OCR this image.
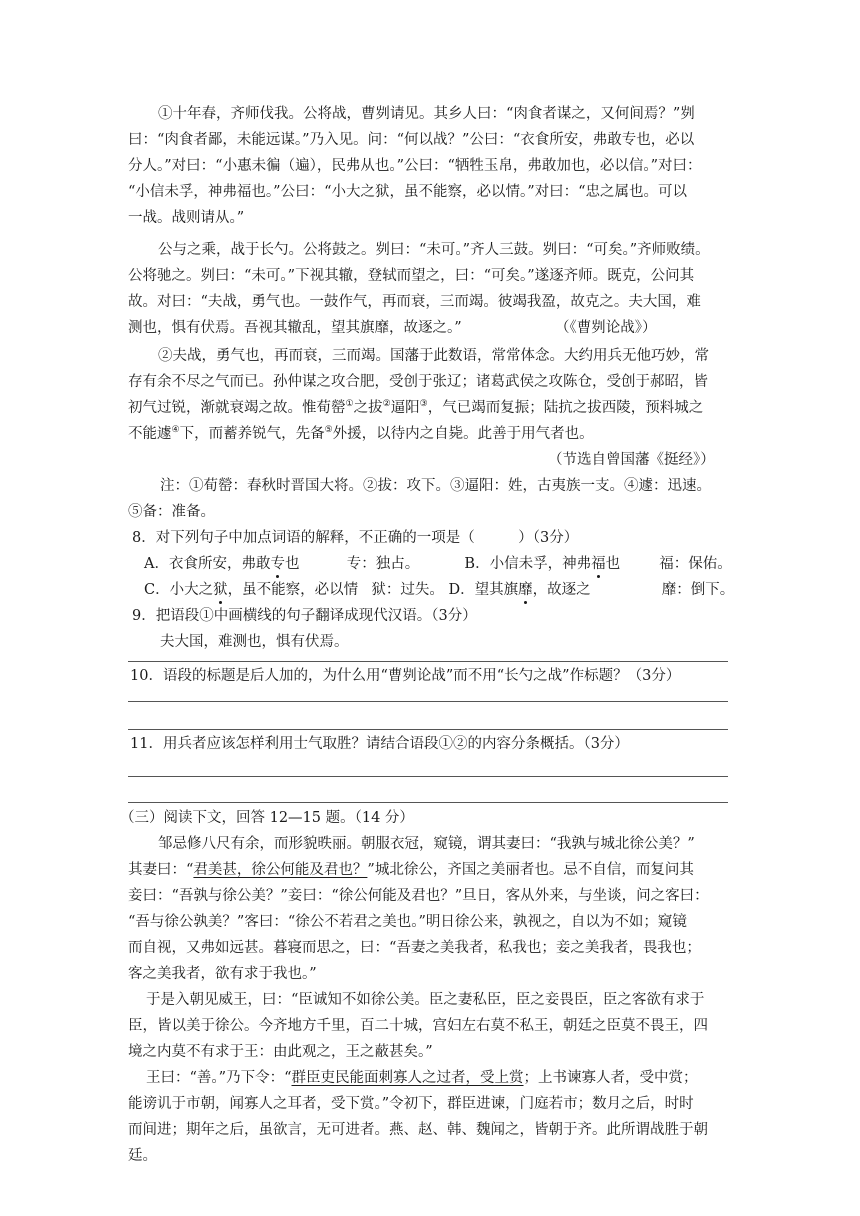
①十年春，齐师伐我。公将战，曹刿请见。其乡人曰：“肉食者谋之，又何间焉？”刿
曰：“肉食者鄙，未能远谋。”乃入见。问：“何以战？”公曰：“衣食所安，弗敢专也，必以
分人。”对曰：“小惠未徧（遍），民弗从也。”公曰：“牺牲玉帛，弗敢加也，必以信。”对曰：
“小信未孚，神弗福也。”公曰：“小大之狱，虽不能察，必以情。”对曰：“忠之属也。可以
一战。战则请从。”
公与之乘，战于长勺。公将鼓之。刿曰：“未可。”齐人三鼓。刿曰：“可矣。”齐师败绩。
公将驰之。刿曰：“未可。”下视其辙，登轼而望之，曰：“可矣。”遂逐齐师。既克，公问其
故。对曰：“夫战，勇气也。一鼓作气，再而衰，三而竭。彼竭我盈，故克之。夫大国，难
测也，惧有伏焉。吾视其辙乱，望其旗靡，故逐之。”	（《曹刿论战》）
②夫战，勇气也，再而衰，三而竭。国藩于此数语，常常体念。大约用兵无他巧妙，常
存有余不尽之气而已。孙仲谋之攻合肥，受创于张辽；诸葛武侯之攻陈仓，受创于郝昭，皆
初气过锐，渐就衰竭之故。惟荀罃①之拔②逼阳③，气已竭而复振；陆抗之拔西陵，预料城之
不能遽④下，而蓄养锐气，先备⑤外援，以待内之自毙。此善于用气者也。
（节选自曾国藩《挺经》）
注：①荀罃：春秋时晋国大将。②拔：攻下。③逼阳：姓，古夷族一支。④遽：迅速。
⑤备：准备。
8．对下列句子中加点词语的解释，不正确的一项是（　　　）（3分）
A．衣食所安，弗敢专也	专：独占。	B．小信未孚，神弗福也	福：保佑。
C．小大之狱，虽不能察，必以情 狱：过失。 D．望其旗靡，故逐之	靡：倒下。
9．把语段①中画横线的句子翻译成现代汉语。（3分）
夫大国，难测也，惧有伏焉。
10．语段的标题是后人加的，为什么用“曹刿论战”而不用“长勺之战”作标题？（3分）
11．用兵者应该怎样利用士气取胜？请结合语段①②的内容分条概括。（3分）
（三）阅读下文，回答 12—15 题。（14 分）
邹忌修八尺有余，而形貌昳丽。朝服衣冠，窥镜，谓其妻曰：“我孰与城北徐公美？”
其妻曰：“君美甚，徐公何能及君也？”城北徐公，齐国之美丽者也。忌不自信，而复问其
妾曰：“吾孰与徐公美？”妾曰：“徐公何能及君也？”旦日，客从外来，与坐谈，问之客曰：
“吾与徐公孰美？”客曰：“徐公不若君之美也。”明日徐公来，孰视之，自以为不如；窥镜
而自视，又弗如远甚。暮寝而思之，曰：“吾妻之美我者，私我也；妾之美我者，畏我也；
客之美我者，欲有求于我也。”
于是入朝见威王，曰：“臣诚知不如徐公美。臣之妻私臣，臣之妾畏臣，臣之客欲有求于
臣，皆以美于徐公。今齐地方千里，百二十城，宫妇左右莫不私王，朝廷之臣莫不畏王，四
境之内莫不有求于王：由此观之，王之蔽甚矣。”
王曰：“善。”乃下令：“群臣吏民能面刺寡人之过者，受上赏；上书谏寡人者，受中赏；
能谤讥于市朝，闻寡人之耳者，受下赏。”令初下，群臣进谏，门庭若市；数月之后，时时
而间进；期年之后，虽欲言，无可进者。燕、赵、韩、魏闻之，皆朝于齐。此所谓战胜于朝
廷。
